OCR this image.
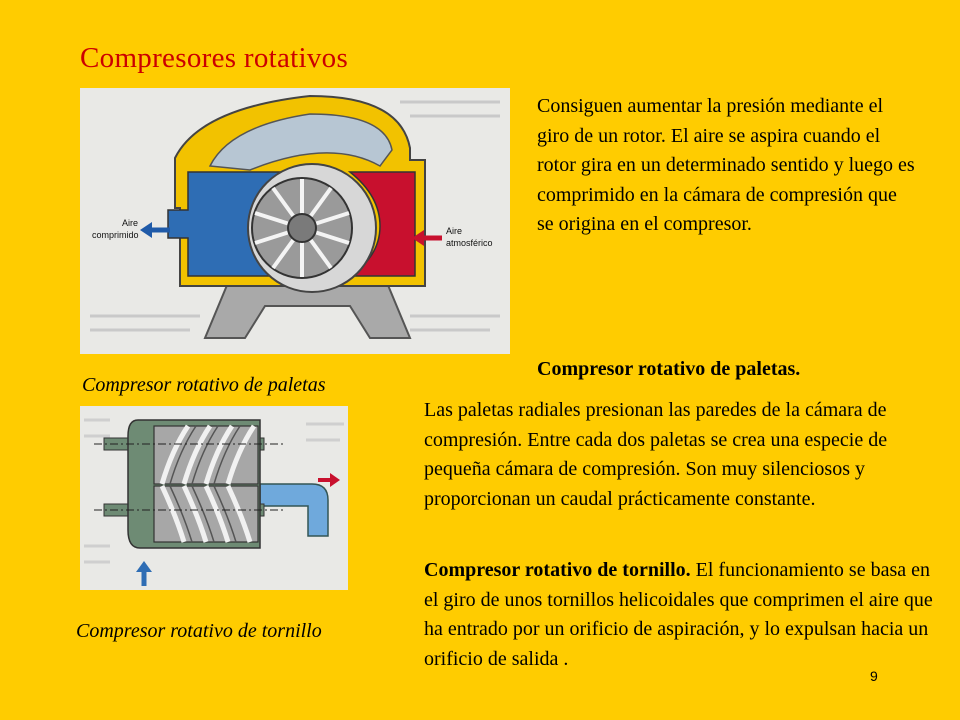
Compresores rotativos
Aire
comprimido	Aire
atmosférico
Compresor rotativo de paletas
Compresor rotativo de tornillo
Consiguen aumentar la presión mediante el giro de un rotor. El aire se aspira cuando el rotor gira en un determinado sentido y luego es comprimido en la cámara de compresión que se origina en el compresor.
Compresor rotativo de paletas.
Las paletas radiales presionan las paredes de la cámara de compresión. Entre cada dos paletas se crea una especie de pequeña cámara de compresión. Son muy silenciosos y proporcionan un caudal prácticamente constante.
Compresor rotativo de tornillo. El funcionamiento se basa en el giro de unos tornillos helicoidales que comprimen el aire que ha entrado por un orificio de aspiración, y lo expulsan hacia un orificio de salida .
9
